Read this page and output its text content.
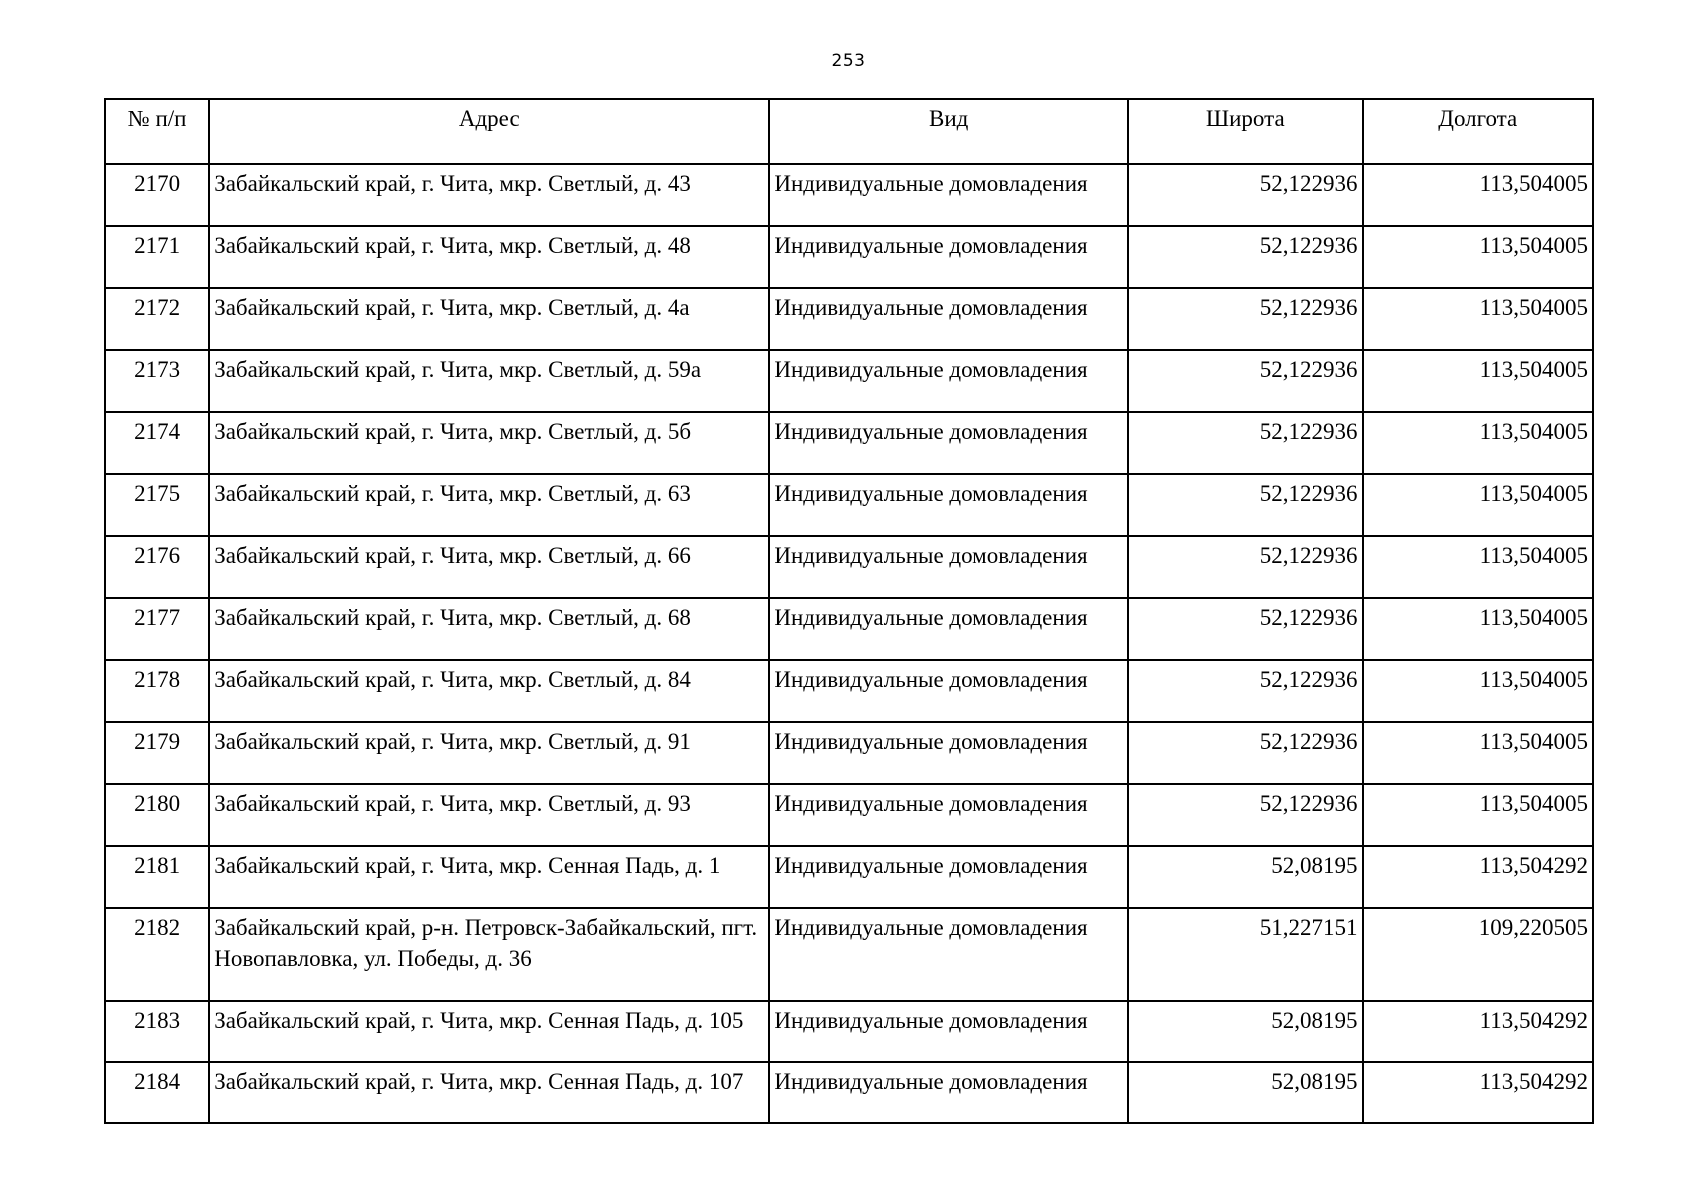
253
№ п/п	Адрес	Вид	Широта	Долгота
2170	Забайкальский край, г. Чита, мкр. Светлый, д. 43	Индивидуальные домовладения	52,122936	113,504005
2171	Забайкальский край, г. Чита, мкр. Светлый, д. 48	Индивидуальные домовладения	52,122936	113,504005
2172	Забайкальский край, г. Чита, мкр. Светлый, д. 4а	Индивидуальные домовладения	52,122936	113,504005
2173	Забайкальский край, г. Чита, мкр. Светлый, д. 59а	Индивидуальные домовладения	52,122936	113,504005
2174	Забайкальский край, г. Чита, мкр. Светлый, д. 5б	Индивидуальные домовладения	52,122936	113,504005
2175	Забайкальский край, г. Чита, мкр. Светлый, д. 63	Индивидуальные домовладения	52,122936	113,504005
2176	Забайкальский край, г. Чита, мкр. Светлый, д. 66	Индивидуальные домовладения	52,122936	113,504005
2177	Забайкальский край, г. Чита, мкр. Светлый, д. 68	Индивидуальные домовладения	52,122936	113,504005
2178	Забайкальский край, г. Чита, мкр. Светлый, д. 84	Индивидуальные домовладения	52,122936	113,504005
2179	Забайкальский край, г. Чита, мкр. Светлый, д. 91	Индивидуальные домовладения	52,122936	113,504005
2180	Забайкальский край, г. Чита, мкр. Светлый, д. 93	Индивидуальные домовладения	52,122936	113,504005
2181	Забайкальский край, г. Чита, мкр. Сенная Падь, д. 1	Индивидуальные домовладения	52,08195	113,504292
2182	Забайкальский край, р-н. Петровск-Забайкальский, пгт. Новопавловка, ул. Победы, д. 36	Индивидуальные домовладения	51,227151	109,220505
2183	Забайкальский край, г. Чита, мкр. Сенная Падь, д. 105	Индивидуальные домовладения	52,08195	113,504292
2184	Забайкальский край, г. Чита, мкр. Сенная Падь, д. 107	Индивидуальные домовладения	52,08195	113,504292
